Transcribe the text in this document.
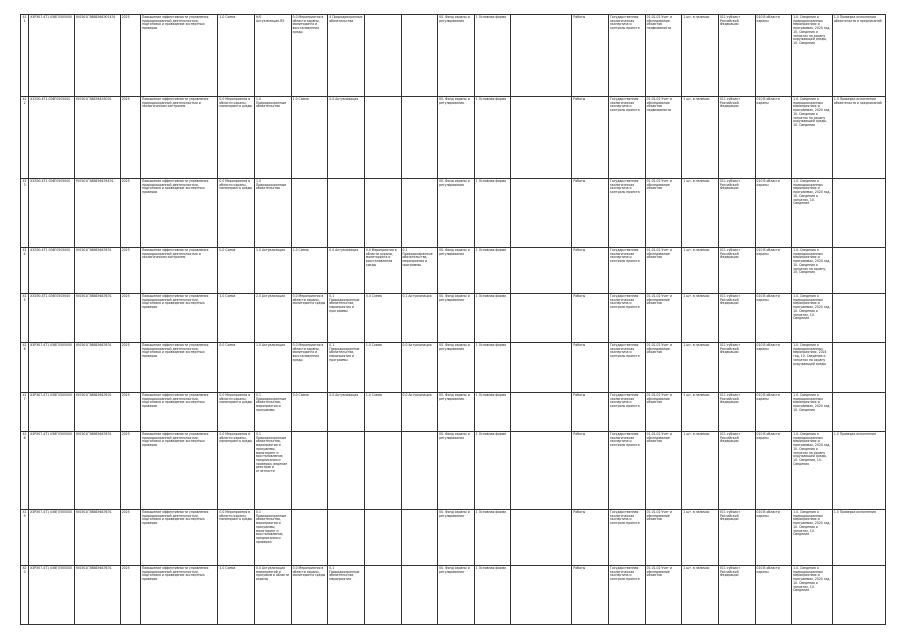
411	Х3РЭ07-4Т1 0Э8Г0505000	Ю0Э01ГЭ888Э64Э014Э1	2025	Повышение эффективности управления природоохранной деятельностью, подготовка и проведение экспертных проверок	1.0 Схема	Н/0 Актуализация.ЯЭ	0.0 Мероприятия в области охраны, мониторинга и восстановления среды	4 Природоохранные обязательства			00. Фонд охраны и регулирования	1 Основная форма		Работы	Государственная экологическая экспертиза и контроль проекта	01.01.02 Учет и обследование объектов недвижимости	1 шт. в наличии	011 субъект Российской Федерации	010 В области охраны	1.0. Сведения о природоохранных мероприятиях и программах, 2024 год, 10. Сведения о затратах на охрану окружающей среды, 10. Сведения	1.0 Проверка исполнения обязательств и предписаний
412	Х3ЭЭ0-4Т1 0Э8Г0505000	Ю0Э01ГЭ88Э64Э50Э1	2025	Повышение эффективности управления природоохранной деятельностью и экологическим контролем	0.0 Мероприятия в области охраны, мониторинга среды	1.0 Природоохранные обязательства	1.0 Схема	0.0 Актуализация			00. Фонд охраны и регулирования	1 Основная форма		Работы	Государственная экологическая экспертиза и контроль проекта	01.01.02 Учет и обследование объектов недвижимости	1 шт. в наличии	011 субъект Российской Федерации	010 В области охраны	1.0. Сведения о природоохранных мероприятиях и программах, 2024 год, 10. Сведения о затратах на охрану окружающей среды, 10. Сведения	1.0 Проверка исполнения обязательств и предписаний
413	Х3ЭЭ0-4Т1 0Э8Г0505000	Ю0Э01ГЭ888Э64Э54Э1	2025	Повышение эффективности управления природоохранной деятельностью, подготовка и проведение экспертных проверок	0.0 Мероприятия в области охраны, мониторинга среды	1.0 Природоохранные обязательства					00. Фонд охраны и регулирования	1 Основная форма		Работы	Государственная экологическая экспертиза и контроль проекта	01.01.02 Учет и обследование объектов	1 шт. в наличии	011 субъект Российской Федерации	010 В области охраны	1.0. Сведения о природоохранных мероприятиях и программах, 2024 год, 10. Сведения о затратах, 10. Сведения	
414	Х3ЭЭ0-4Т1 0Э8Г0505000	Ю0Э01ГЭ888Э64Э5Э1	2025	Повышение эффективности управления природоохранной деятельностью и экологическим контролем	0.0 Схема	1.0 Актуализация	1.0 Схема	0.0 Актуализация	0.0 Мероприятия в области охраны, мониторинга и восстановления среды	0.1 Природоохранные обязательства, мероприятия и программы	00. Фонд охраны и регулирования	1 Основная форма		Работы	Государственная экологическая экспертиза и контроль проекта	01.01.02 Учет и обследование объектов	1 шт. в наличии	011 субъект Российской Федерации	010 В области охраны	1.0. Сведения о природоохранных мероприятиях и программах, 2024 год, 10. Сведения о затратах на охрану, 10. Сведения	
415	Х3ЭЭ0-4Т1 0Э8Г0505000	Ю0Э01ГЭ888Э64Э5Э1	2025	Повышение эффективности управления природоохранной деятельностью, подготовка и проведение экспертных проверок	1.0 Схема	2.0 Актуализация	0.0 Мероприятия в области охраны, мониторинга среды	0.1 Природоохранные обязательства, мероприятия и программы	0.0 Схема	0.1 Актуализация	00. Фонд охраны и регулирования	1 Основная форма		Работы	Государственная экологическая экспертиза и контроль проекта	01.01.02 Учет и обследование объектов	1 шт. в наличии	011 субъект Российской Федерации	010 В области охраны	1.0. Сведения о природоохранных мероприятиях и программах, 2024 год, 10. Сведения о затратах, 10. Сведения	
416	Х3РЭ07-4Т1 0Э8Г0505000	Ю0Э01ГЭ888Э64Э5Э1	2025	Повышение эффективности управления природоохранной деятельностью, подготовка и проведение экспертных проверок	0.0 Схема	1.0 Актуализация	0.0 Мероприятия в области охраны, мониторинга и восстановления среды	0.1 Природоохранные обязательства, мероприятия и программы	1.0 Схема	0.0 Актуализация	00. Фонд охраны и регулирования	1 Основная форма		Работы	Государственная экологическая экспертиза и контроль проекта	01.01.02 Учет и обследование объектов	1 шт. в наличии	011 субъект Российской Федерации	010 В области охраны	1.0. Сведения о природоохранных мероприятиях, 2024 год, 10. Сведения о затратах на охрану окружающей среды	
417	Х3РЭ07-4Т1 0Э8Г0505000	Ю0Э01ГЭ888Э64Э5Э1	2025	Повышение эффективности управления природоохранной деятельностью, подготовка и проведение экспертных проверок	0.0 Мероприятия в области охраны, мониторинга среды	0.1 Природоохранные обязательства, мероприятия и программы	0.0 Схема	0.0 Актуализация	1.0 Схема	0.0 Актуализация	00. Фонд охраны и регулирования	1 Основная форма		Работы	Государственная экологическая экспертиза и контроль проекта	01.01.02 Учет и обследование объектов	1 шт. в наличии	011 субъект Российской Федерации	010 В области охраны	1.0. Сведения о природоохранных мероприятиях и программах, 2024 год, 10. Сведения	
418	Х3РЭ07-4Т1 0Э8Г0505000	Ю0Э01ГЭ888Э64Э5Э1	2025	Повышение эффективности управления природоохранной деятельностью, подготовка и проведение экспертных проверок	0.0 Мероприятия в области охраны, мониторинга среды	0.1 Природоохранные обязательства, мероприятия и программы, мониторинг и восстановление, предписания и проверки, ведение реестров и отчетности					00. Фонд охраны и регулирования	1 Основная форма		Работы	Государственная экологическая экспертиза и контроль проекта	01.01.02 Учет и обследование объектов	1 шт. в наличии	011 субъект Российской Федерации	010 В области охраны	1.0. Сведения о природоохранных мероприятиях и программах, 2024 год, 10. Сведения о затратах на охрану окружающей среды, 10. Сведения, 10. Сведения	1.0 Проверка исполнения
419	Х3РЭ07-4Т1 0Э8Г0505000	Ю0Э01ГЭ888Э64Э5Э1	2025	Повышение эффективности управления природоохранной деятельностью, подготовка и проведение экспертных проверок	0.0 Мероприятия в области охраны, мониторинга среды	0.1 Природоохранные обязательства, мероприятия и программы, мониторинг и восстановление, предписания и проверки					00. Фонд охраны и регулирования	1 Основная форма		Работы	Государственная экологическая экспертиза и контроль проекта	01.01.02 Учет и обследование объектов	1 шт. в наличии	011 субъект Российской Федерации	010 В области охраны	1.0. Сведения о природоохранных мероприятиях и программах, 2024 год, 10. Сведения о затратах, 10. Сведения	1.0 Проверка исполнения
420	Х3РЭ07-4Т1 0Э8Г0505000	Ю0Э01ГЭ888Э64Э5Э1	2025	Повышение эффективности управления природоохранной деятельностью, подготовка и проведение экспертных проверок	1.0 Схема	0.0 Актуализация мероприятий и программ в области охраны	0.0 Мероприятия в области охраны, мониторинга среды	0.1 Природоохранные обязательства, мероприятия			00. Фонд охраны и регулирования	1 Основная форма		Работы	Государственная экологическая экспертиза и контроль проекта	01.01.02 Учет и обследование объектов	1 шт. в наличии	011 субъект Российской Федерации	010 В области охраны	1.0. Сведения о природоохранных мероприятиях и программах, 2024 год, 10. Сведения о затратах, 10. Сведения	
